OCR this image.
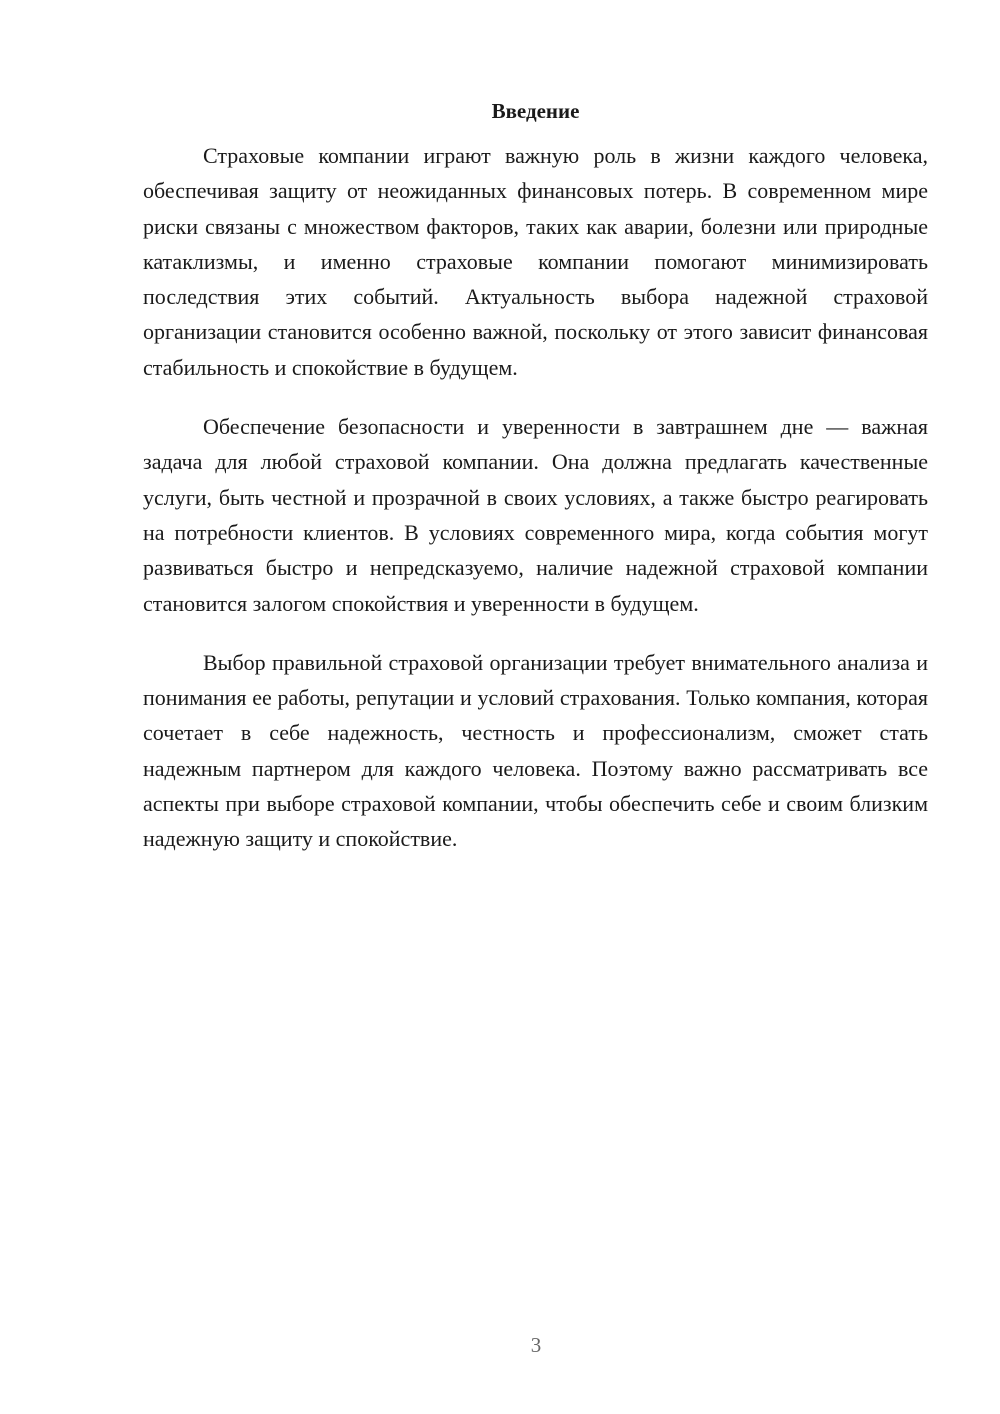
Введение

Страховые компании играют важную роль в жизни каждого человека, обеспечивая защиту от неожиданных финансовых потерь. В современном мире риски связаны с множеством факторов, таких как аварии, болезни или природные катаклизмы, и именно страховые компании помогают минимизировать последствия этих событий. Актуальность выбора надежной страховой организации становится особенно важной, поскольку от этого зависит финансовая стабильность и спокойствие в будущем.

Обеспечение безопасности и уверенности в завтрашнем дне — важная задача для любой страховой компании. Она должна предлагать качественные услуги, быть честной и прозрачной в своих условиях, а также быстро реагировать на потребности клиентов. В условиях современного мира, когда события могут развиваться быстро и непредсказуемо, наличие надежной страховой компании становится залогом спокойствия и уверенности в будущем.

Выбор правильной страховой организации требует внимательного анализа и понимания ее работы, репутации и условий страхования. Только компания, которая сочетает в себе надежность, честность и профессионализм, сможет стать надежным партнером для каждого человека. Поэтому важно рассматривать все аспекты при выборе страховой компании, чтобы обеспечить себе и своим близким надежную защиту и спокойствие.

3
